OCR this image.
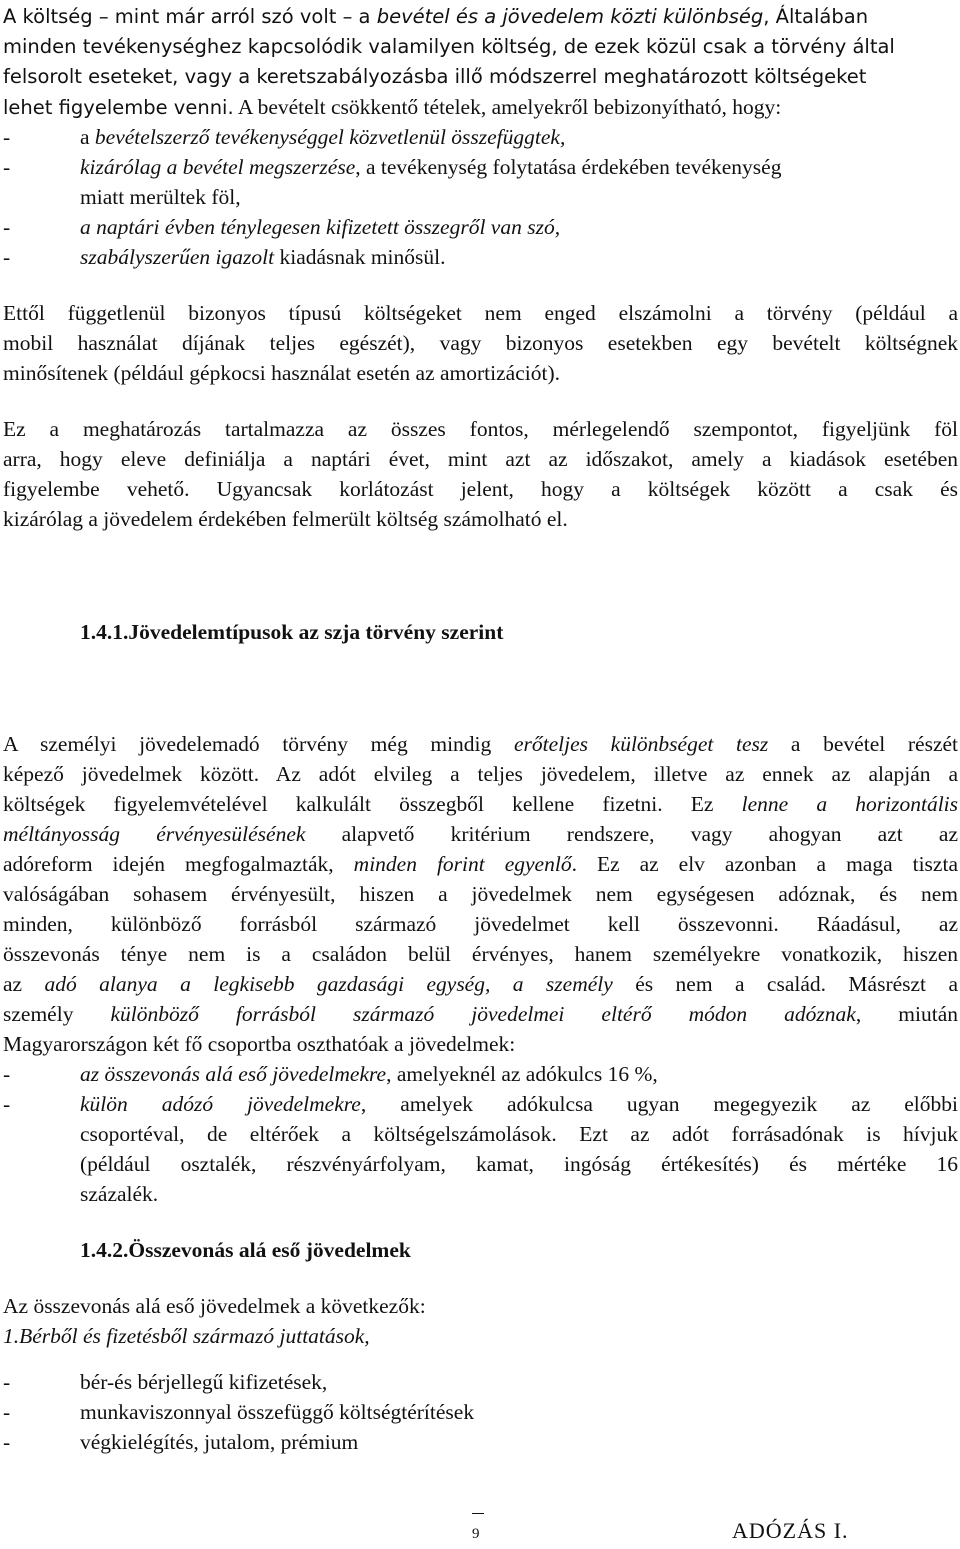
A költség – mint már arról szó volt – a bevétel és a jövedelem közti különbség, Általában
minden tevékenységhez kapcsolódik valamilyen költség, de ezek közül csak a törvény által
felsorolt eseteket, vagy a keretszabályozásba illő módszerrel meghatározott költségeket
lehet figyelembe venni. A bevételt csökkentő tételek, amelyekről bebizonyítható, hogy:
-	a bevételszerző tevékenységgel közvetlenül összefüggtek,
-	kizárólag a bevétel megszerzése, a tevékenység folytatása érdekében tevékenység
miatt merültek föl,
-	a naptári évben ténylegesen kifizetett összegről van szó,
-	szabályszerűen igazolt kiadásnak minősül.
Ettől függetlenül bizonyos típusú költségeket nem enged elszámolni a törvény (például a
mobil használat díjának teljes egészét), vagy bizonyos esetekben egy bevételt költségnek
minősítenek (például gépkocsi használat esetén az amortizációt).
Ez a meghatározás tartalmazza az összes fontos, mérlegelendő szempontot, figyeljünk föl
arra, hogy eleve definiálja a naptári évet, mint azt az időszakot, amely a kiadások esetében
figyelembe vehető. Ugyancsak korlátozást jelent, hogy a költségek között a csak és
kizárólag a jövedelem érdekében felmerült költség számolható el.
1.4.1.Jövedelemtípusok az szja törvény szerint
A személyi jövedelemadó törvény még mindig erőteljes különbséget tesz a bevétel részét
képező jövedelmek között. Az adót elvileg a teljes jövedelem, illetve az ennek az alapján a
költségek figyelemvételével kalkulált összegből kellene fizetni. Ez lenne a horizontális
méltányosság érvényesülésének alapvető kritérium rendszere, vagy ahogyan azt az
adóreform idején megfogalmazták, minden forint egyenlő. Ez az elv azonban a maga tiszta
valóságában sohasem érvényesült, hiszen a jövedelmek nem egységesen adóznak, és nem
minden, különböző forrásból származó jövedelmet kell összevonni. Ráadásul, az
összevonás ténye nem is a családon belül érvényes, hanem személyekre vonatkozik, hiszen
az adó alanya a legkisebb gazdasági egység, a személy és nem a család. Másrészt a
személy különböző forrásból származó jövedelmei eltérő módon adóznak, miután
Magyarországon két fő csoportba oszthatóak a jövedelmek:
-	az összevonás alá eső jövedelmekre, amelyeknél az adókulcs 16 %,
-	külön adózó jövedelmekre, amelyek adókulcsa ugyan megegyezik az előbbi
csoportéval, de eltérőek a költségelszámolások. Ezt az adót forrásadónak is hívjuk
(például osztalék, részvényárfolyam, kamat, ingóság értékesítés) és mértéke 16
százalék.
1.4.2.Összevonás alá eső jövedelmek
Az összevonás alá eső jövedelmek a következők:
1.Bérből és fizetésből származó juttatások,
-	bér-és bérjellegű kifizetések,
-	munkaviszonnyal összefüggő költségtérítések
-	végkielégítés, jutalom, prémium
9	ADÓZÁS I.
